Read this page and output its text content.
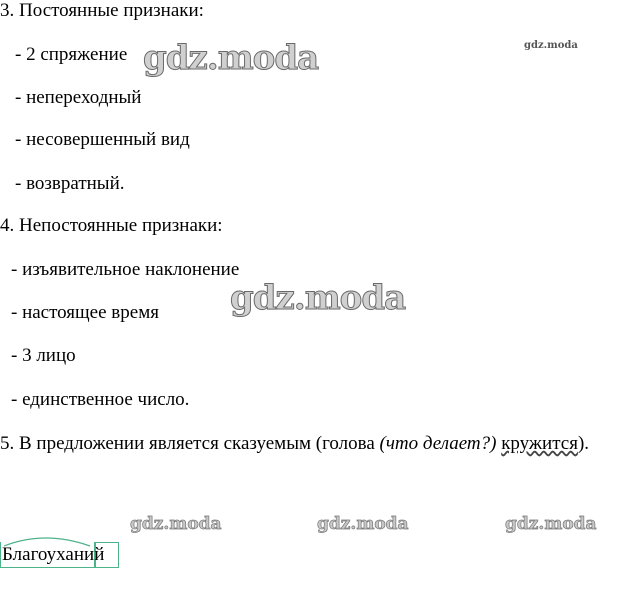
3. Постоянные признаки:
- 2 спряжение
- непереходный
- несовершенный вид
- возвратный.
4. Непостоянные признаки:
- изъявительное наклонение
- настоящее время
- 3 лицо
- единственное число.
5. В предложении является сказуемым (голова (что делает?) кружится).
Благоуханий
gdz.moda	gdz.moda
gdz.moda
gdz.moda	gdz.moda	gdz.moda
